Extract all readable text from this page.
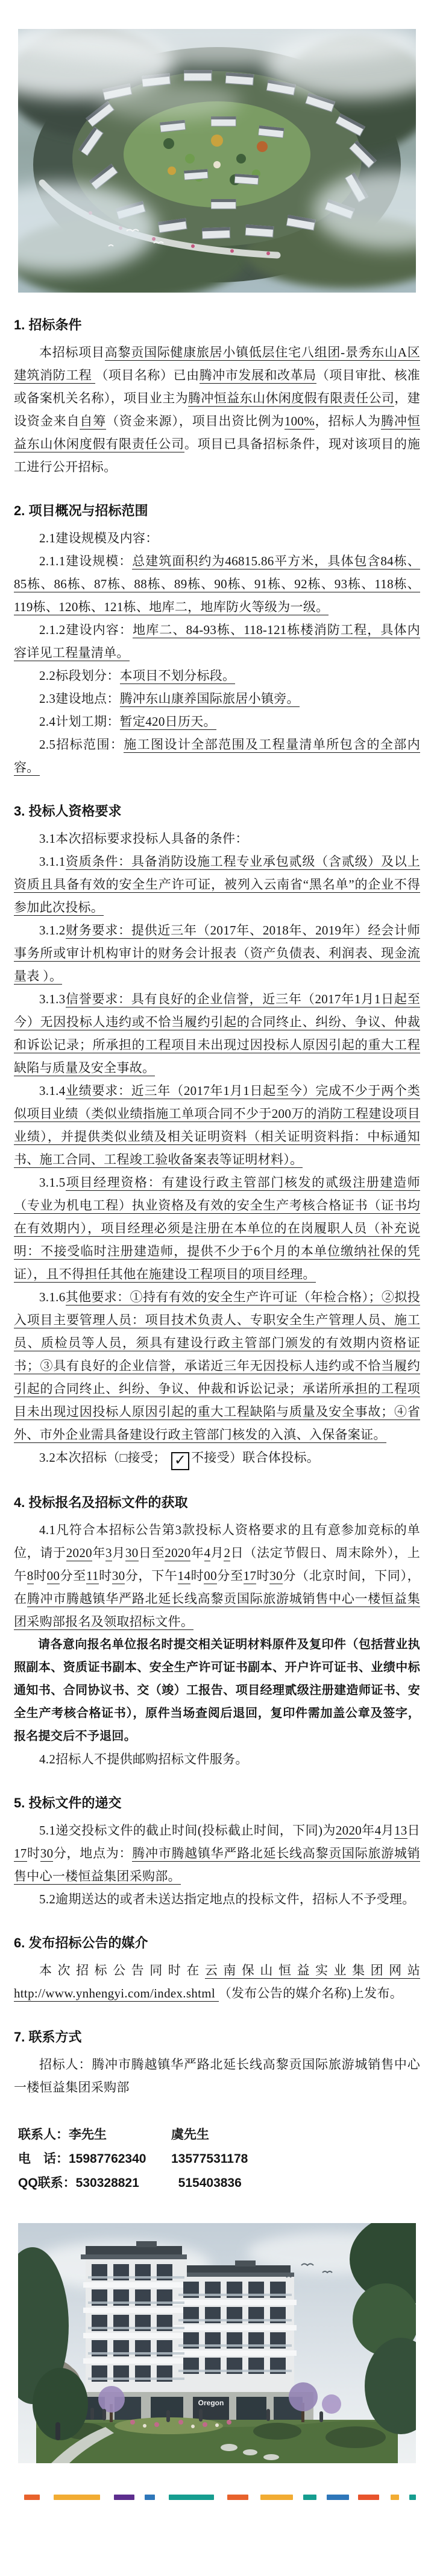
1. 招标条件

本招标项目高黎贡国际健康旅居小镇低层住宅八组团-景秀东山A区建筑消防工程 （项目名称）已由腾冲市发展和改革局（项目审批、核准或备案机关名称），项目业主为腾冲恒益东山休闲度假有限责任公司，建设资金来自自筹（资金来源），项目出资比例为100%，招标人为腾冲恒益东山休闲度假有限责任公司。项目已具备招标条件，现对该项目的施工进行公开招标。

2. 项目概况与招标范围

2.1建设规模及内容：

2.1.1建设规模：总建筑面积约为46815.86平方米，具体包含84栋、85栋、86栋、87栋、88栋、89栋、90栋、91栋、92栋、93栋、118栋、119栋、120栋、121栋、地库二，地库防火等级为一级。

2.1.2建设内容：地库二、84-93栋、118-121栋楼消防工程，具体内容详见工程量清单。

2.2标段划分：本项目不划分标段。

2.3建设地点：腾冲东山康养国际旅居小镇旁。

2.4计划工期：暂定420日历天。

2.5招标范围：施工图设计全部范围及工程量清单所包含的全部内容。

3. 投标人资格要求

3.1本次招标要求投标人具备的条件：

3.1.1资质条件：具备消防设施工程专业承包贰级（含贰级）及以上资质且具备有效的安全生产许可证，被列入云南省“黑名单”的企业不得参加此次投标。

3.1.2财务要求：提供近三年（2017年、2018年、2019年）经会计师事务所或审计机构审计的财务会计报表（资产负债表、利润表、现金流量表 ）。

3.1.3信誉要求：具有良好的企业信誉，近三年（2017年1月1日起至今）无因投标人违约或不恰当履约引起的合同终止、纠纷、争议、仲裁和诉讼记录；所承担的工程项目未出现过因投标人原因引起的重大工程缺陷与质量及安全事故。

3.1.4业绩要求：近三年（2017年1月1日起至今）完成不少于两个类似项目业绩（类似业绩指施工单项合同不少于200万的消防工程建设项目业绩），并提供类似业绩及相关证明资料（相关证明资料指：中标通知书、施工合同、工程竣工验收备案表等证明材料）。

3.1.5项目经理资格：有建设行政主管部门核发的贰级注册建造师（专业为机电工程）执业资格及有效的安全生产考核合格证书（证书均在有效期内），项目经理必须是注册在本单位的在岗履职人员（补充说明：不接受临时注册建造师，提供不少于6个月的本单位缴纳社保的凭证），且不得担任其他在施建设工程项目的项目经理。

3.1.6其他要求：①持有有效的安全生产许可证（年检合格）；②拟投入项目主要管理人员：项目技术负责人、专职安全生产管理人员、施工员、质检员等人员，须具有建设行政主管部门颁发的有效期内资格证书；③具有良好的企业信誉，承诺近三年无因投标人违约或不恰当履约引起的合同终止、纠纷、争议、仲裁和诉讼记录；承诺所承担的工程项目未出现过因投标人原因引起的重大工程缺陷与质量及安全事故；④省外、市外企业需具备建设行政主管部门核发的入滇、入保备案证。

3.2本次招标（□接受； ✓ 不接受）联合体投标。

4. 投标报名及招标文件的获取

4.1凡符合本招标公告第3款投标人资格要求的且有意参加竞标的单位，请于2020年3月30日至2020年4月2日（法定节假日、周末除外），上午8时00分至11时30分，下午14时00分至17时30分（北京时间，下同），在腾冲市腾越镇华严路北延长线高黎贡国际旅游城销售中心一楼恒益集团采购部报名及领取招标文件。

请各意向报名单位报名时提交相关证明材料原件及复印件（包括营业执照副本、资质证书副本、安全生产许可证书副本、开户许可证书、业绩中标通知书、合同协议书、交（竣）工报告、项目经理贰级注册建造师证书、安全生产考核合格证书），原件当场查阅后退回，复印件需加盖公章及签字，报名提交后不予退回。

4.2招标人不提供邮购招标文件服务。

5. 投标文件的递交

5.1递交投标文件的截止时间(投标截止时间，下同)为2020年4月13日17时30分，地点为：腾冲市腾越镇华严路北延长线高黎贡国际旅游城销售中心一楼恒益集团采购部。

5.2逾期送达的或者未送达指定地点的投标文件，招标人不予受理。

6. 发布招标公告的媒介

本次招标公告同时在云南保山恒益实业集团网站 http://www.ynhengyi.com/index.shtml （发布公告的媒介名称)上发布。

7. 联系方式

招标人：腾冲市腾越镇华严路北延长线高黎贡国际旅游城销售中心一楼恒益集团采购部

联系人： 李先生	虞先生
电　话： 15987762340	13577531178
QQ联系： 530328821	515403836
Oregon
